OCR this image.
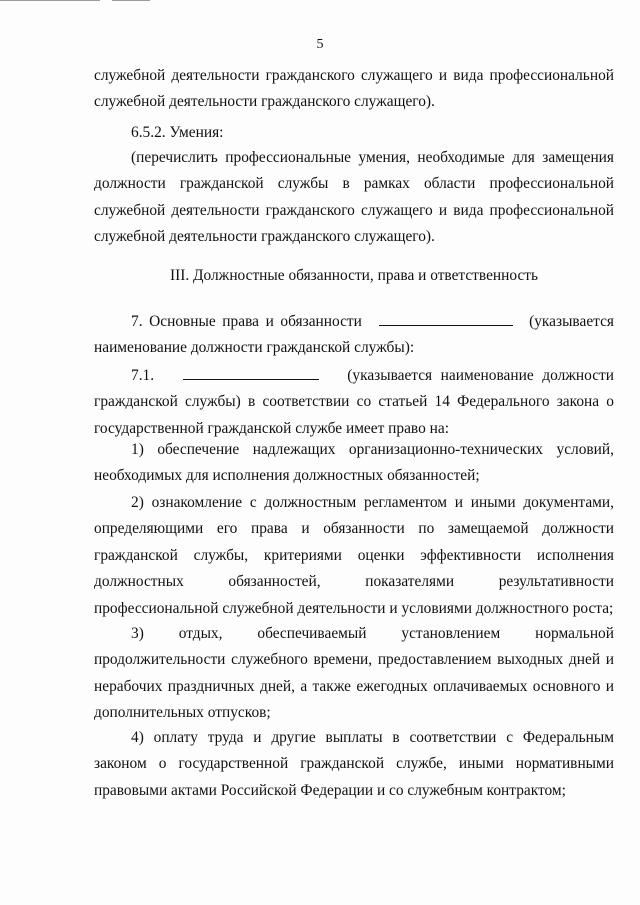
5
служебной деятельности гражданского служащего и вида профессиональной служебной деятельности гражданского служащего).
6.5.2. Умения:
(перечислить профессиональные умения, необходимые для замещения должности гражданской службы в рамках области профессиональной служебной деятельности гражданского служащего и вида профессиональной служебной деятельности гражданского служащего).
III. Должностные обязанности, права и ответственность
7. Основные права и обязанности	(указывается наименование должности гражданской службы):
7.1.	(указывается наименование должности гражданской службы) в соответствии со статьей 14 Федерального закона о государственной гражданской службе имеет право на:
1) обеспечение надлежащих организационно-технических условий, необходимых для исполнения должностных обязанностей;
2) ознакомление с должностным регламентом и иными документами, определяющими его права и обязанности по замещаемой должности гражданской службы, критериями оценки эффективности исполнения должностных обязанностей, показателями результативности профессиональной служебной деятельности и условиями должностного роста;
3) отдых, обеспечиваемый установлением нормальной продолжительности служебного времени, предоставлением выходных дней и нерабочих праздничных дней, а также ежегодных оплачиваемых основного и дополнительных отпусков;
4) оплату труда и другие выплаты в соответствии с Федеральным законом о государственной гражданской службе, иными нормативными правовыми актами Российской Федерации и со служебным контрактом;
